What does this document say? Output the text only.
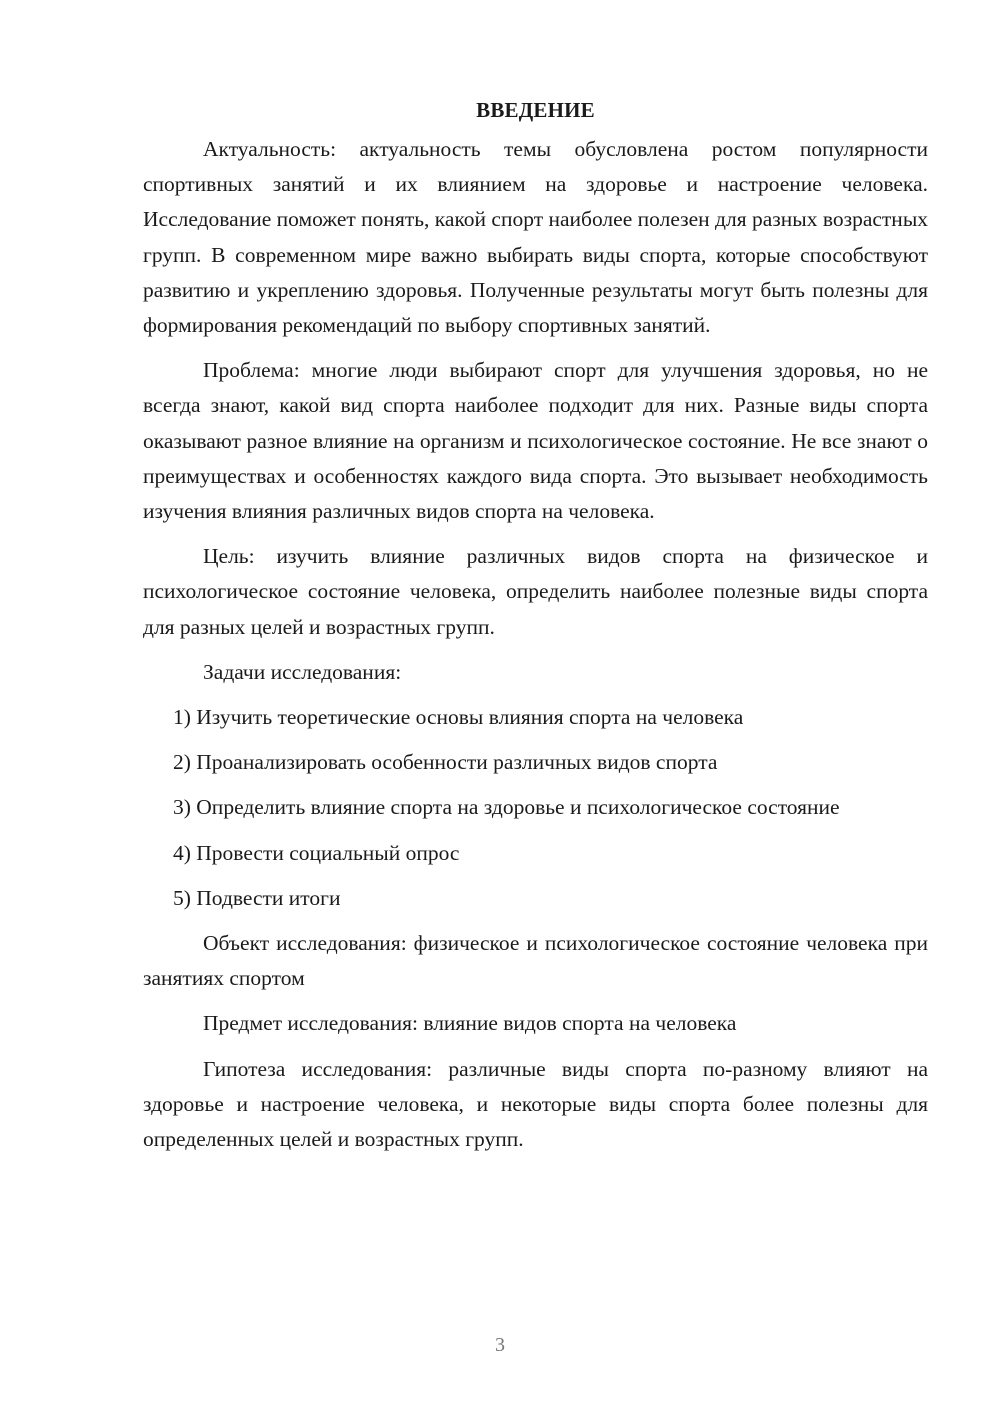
ВВЕДЕНИЕ

Актуальность: актуальность темы обусловлена ростом популярности спортивных занятий и их влиянием на здоровье и настроение человека. Исследование поможет понять, какой спорт наиболее полезен для разных возрастных групп. В современном мире важно выбирать виды спорта, которые способствуют развитию и укреплению здоровья. Полученные результаты могут быть полезны для формирования рекомендаций по выбору спортивных занятий.

Проблема: многие люди выбирают спорт для улучшения здоровья, но не всегда знают, какой вид спорта наиболее подходит для них. Разные виды спорта оказывают разное влияние на организм и психологическое состояние. Не все знают о преимуществах и особенностях каждого вида спорта. Это вызывает необходимость изучения влияния различных видов спорта на человека.

Цель: изучить влияние различных видов спорта на физическое и психологическое состояние человека, определить наиболее полезные виды спорта для разных целей и возрастных групп.

Задачи исследования:

1) Изучить теоретические основы влияния спорта на человека

2) Проанализировать особенности различных видов спорта

3) Определить влияние спорта на здоровье и психологическое состояние

4) Провести социальный опрос

5) Подвести итоги

Объект исследования: физическое и психологическое состояние человека при занятиях спортом

Предмет исследования: влияние видов спорта на человека

Гипотеза исследования: различные виды спорта по-разному влияют на здоровье и настроение человека, и некоторые виды спорта более полезны для определенных целей и возрастных групп.

3
